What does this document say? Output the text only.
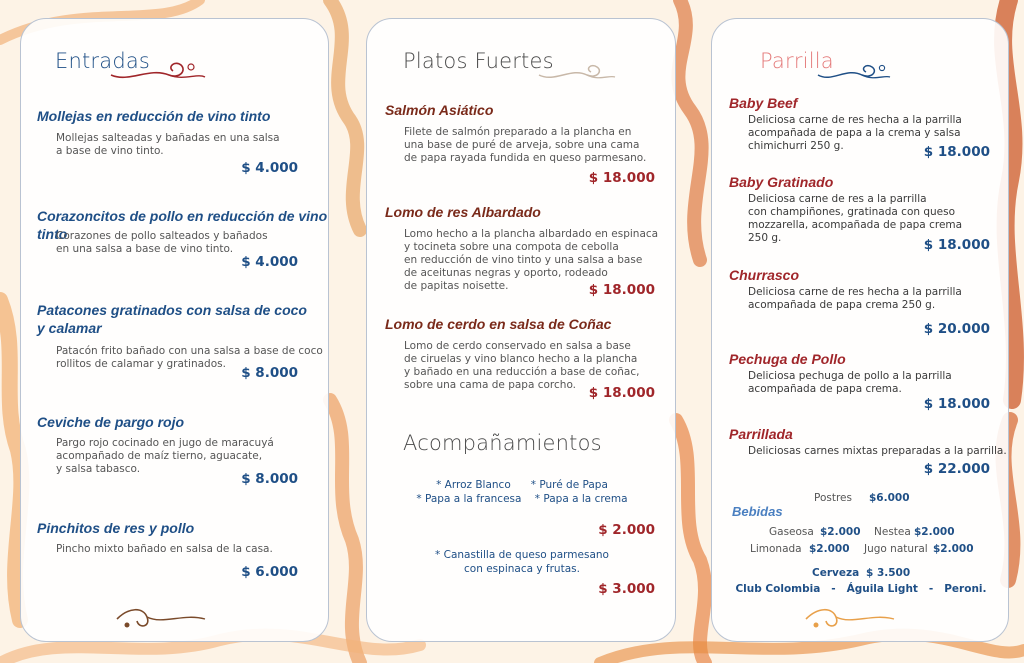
Entradas
Mollejas en reducción de vino tinto
Mollejas salteadas y bañadas en una salsa
a base de vino tinto.
$ 4.000
Corazoncitos de pollo en reducción de vino tinto
Corazones de pollo salteados y bañados
en una salsa a base de vino tinto.
$ 4.000
Patacones gratinados con salsa de coco
y calamar
Patacón frito bañado con una salsa a base de coco
rollitos de calamar y gratinados.
$ 8.000
Ceviche de pargo rojo
Pargo rojo cocinado en jugo de maracuyá
acompañado de maíz tierno, aguacate,
y salsa tabasco.
$ 8.000
Pinchitos de res y pollo
Pincho mixto bañado en salsa de la casa.
$ 6.000
Platos Fuertes
Salmón Asiático
Filete de salmón preparado a la plancha en
una base de puré de arveja, sobre una cama
de papa rayada fundida en queso parmesano.
$ 18.000
Lomo de res Albardado
Lomo hecho a la plancha albardado en espinaca
y tocineta sobre una compota de cebolla
en reducción de vino tinto y una salsa a base
de aceitunas negras y oporto, rodeado
de papitas noisette.	$ 18.000
Lomo de cerdo en salsa de Coñac
Lomo de cerdo conservado en salsa a base
de ciruelas y vino blanco hecho a la plancha
y bañado en una reducción a base de coñac,
sobre una cama de papa corcho. $ 18.000
Acompañamientos
* Arroz Blanco      * Puré de Papa
* Papa a la francesa    * Papa a la crema
$ 2.000
* Canastilla de queso parmesano
con espinaca y frutas.
$ 3.000
Parrilla
Baby Beef
Deliciosa carne de res hecha a la parrilla
acompañada de papa a la crema y salsa
chimichurri 250 g.	$ 18.000
Baby Gratinado
Deliciosa carne de res a la parrilla
con champiñones, gratinada con queso
mozzarella, acompañada de papa crema
250 g.	$ 18.000
Churrasco
Deliciosa carne de res hecha a la parrilla
acompañada de papa crema 250 g.
$ 20.000
Pechuga de Pollo
Deliciosa pechuga de pollo a la parrilla
acompañada de papa crema.
$ 18.000
Parrillada
Deliciosas carnes mixtas preparadas a la parrilla.
$ 22.000
Postres $6.000
Bebidas
Gaseosa $2.000 Nestea $2.000
Limonada $2.000 Jugo natural $2.000
Cerveza $ 3.500
Club Colombia   -   Águila Light   -   Peroni.
